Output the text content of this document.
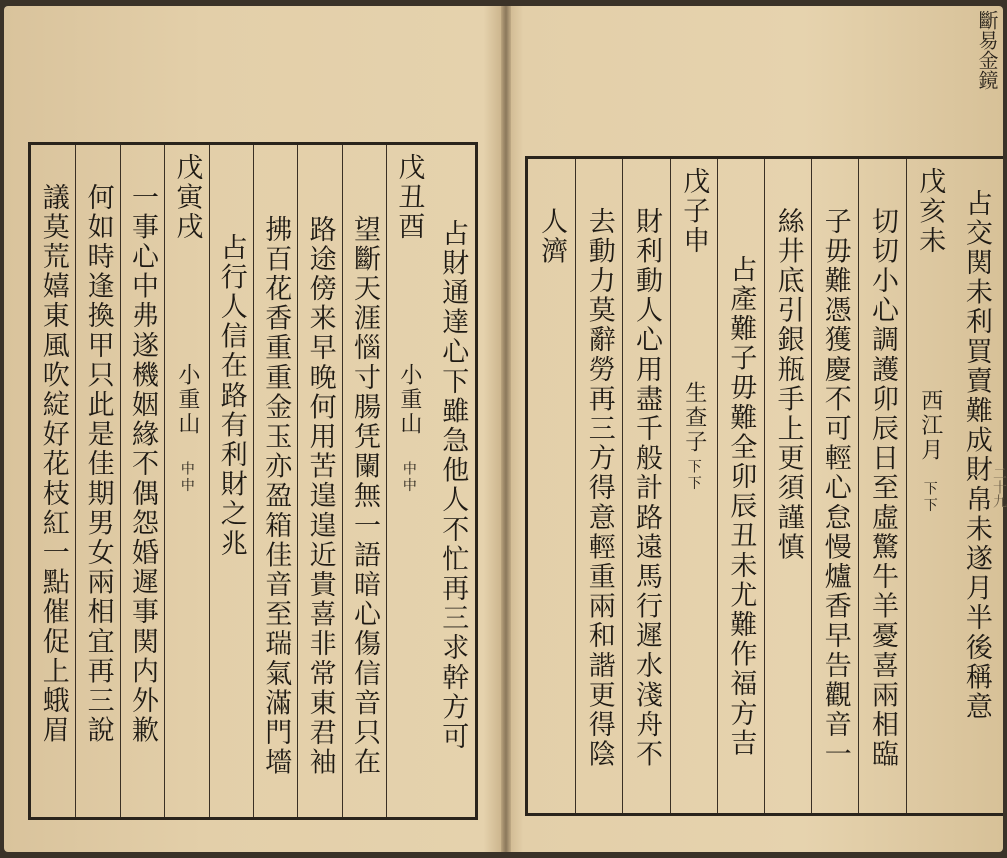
占財通達心下雖急他人不忙再三求幹方可
戊丑酉
小重山
中中
望斷天涯惱寸腸凭闌無一語暗心傷信音只在
路途傍来早晚何用苦遑遑近貴喜非常東君袖
拂百花香重重金玉亦盈箱佳音至瑞氣滿門墻
占行人信在路有利財之兆
戊寅戌
小重山
中中
一事心中弗遂機姻緣不偶怨婚遲事関内外歉
何如時逢換甲只此是佳期男女兩相宜再三說
議莫荒嬉東風吹綻好花枝紅一點催促上蛾眉	占交関未利買賣難成財帛未遂月半後稱意
戊亥未
西江月
下下
切切小心調護卯辰日至虛驚牛羊憂喜兩相臨
子毋難憑獲慶不可輕心怠慢爐香早告觀音一
絲井底引銀瓶手上更須謹慎
占產難子毋難全卯辰丑未尤難作福方吉
戊子申
生查子
下下
財利動人心用盡千般計路遠馬行遲水淺舟不
去動力莫辭勞再三方得意輕重兩和諧更得陰
人濟
斷易金鏡
二十九
